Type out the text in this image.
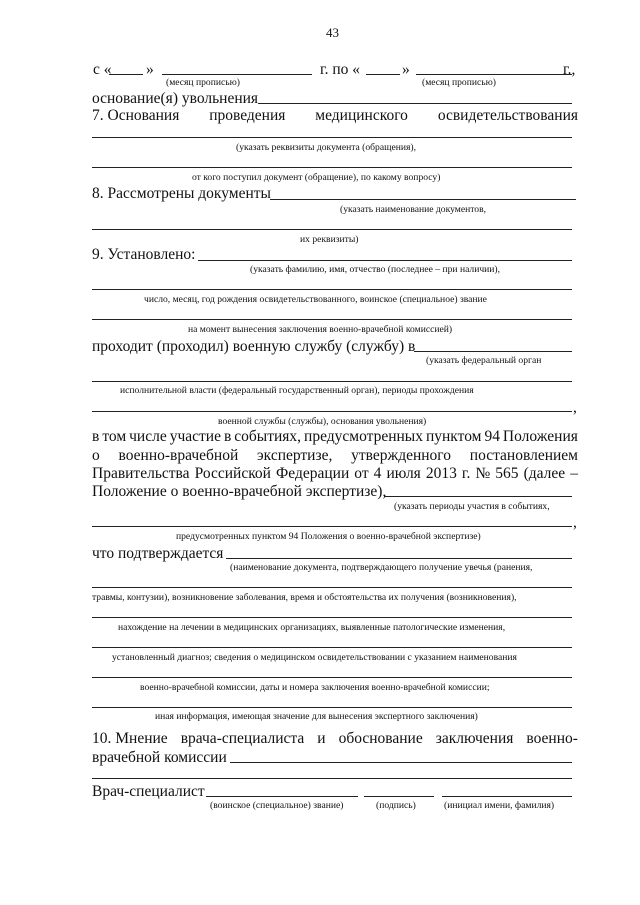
43
с « »	г. по «	»	г.,
(месяц прописью)	(месяц прописью)
основание(я) увольнения
7. Основания проведения медицинского освидетельствования
(указать реквизиты документа (обращения),
от кого поступил документ (обращение), по какому вопросу)
8. Рассмотрены документы
(указать наименование документов,
их реквизиты)
9. Установлено:
(указать фамилию, имя, отчество (последнее – при наличии),
число, месяц, год рождения освидетельствованного, воинское (специальное) звание
на момент вынесения заключения военно-врачебной комиссией)
проходит (проходил) военную службу (службу) в
(указать федеральный орган
исполнительной власти (федеральный государственный орган), периоды прохождения
,
военной службы (службы), основания увольнения)
в том числе участие в событиях, предусмотренных пунктом 94 Положения
о военно-врачебной экспертизе, утвержденного постановлением
Правительства Российской Федерации от 4 июля 2013 г. № 565 (далее –
Положение о военно-врачебной экспертизе),
(указать периоды участия в событиях,
,
предусмотренных пунктом 94 Положения о военно-врачебной экспертизе)
что подтверждается
(наименование документа, подтверждающего получение увечья (ранения,
травмы, контузии), возникновение заболевания, время и обстоятельства их получения (возникновения),
нахождение на лечении в медицинских организациях, выявленные патологические изменения,
установленный диагноз; сведения о медицинском освидетельствовании с указанием наименования
военно-врачебной комиссии, даты и номера заключения военно-врачебной комиссии;
иная информация, имеющая значение для вынесения экспертного заключения)
10. Мнение врача-специалиста и обоснование заключения военно-
врачебной комиссии
Врач-специалист
(воинское (специальное) звание)	(подпись)	(инициал имени, фамилия)
